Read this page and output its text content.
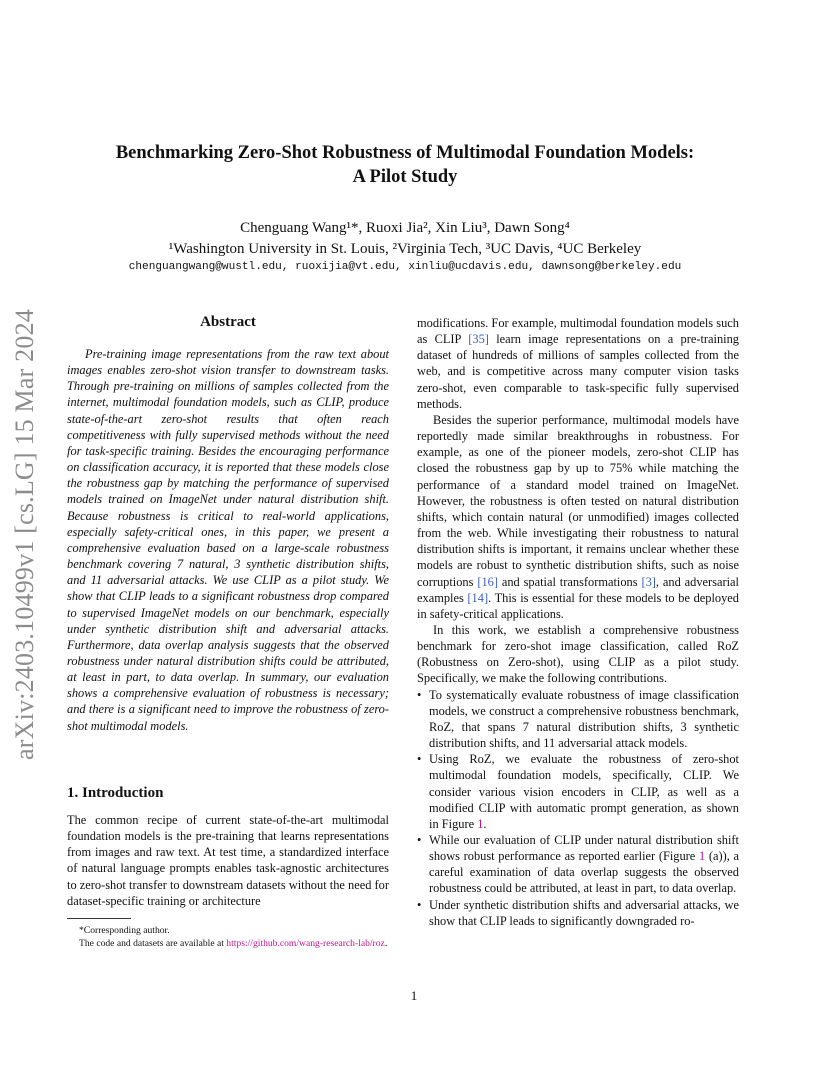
arXiv:2403.10499v1 [cs.LG] 15 Mar 2024
Benchmarking Zero-Shot Robustness of Multimodal Foundation Models:
A Pilot Study
Chenguang Wang¹*, Ruoxi Jia², Xin Liu³, Dawn Song⁴
¹Washington University in St. Louis, ²Virginia Tech, ³UC Davis, ⁴UC Berkeley
chenguangwang@wustl.edu, ruoxijia@vt.edu, xinliu@ucdavis.edu, dawnsong@berkeley.edu
Abstract

Pre-training image representations from the raw text about images enables zero-shot vision transfer to downstream tasks. Through pre-training on millions of samples collected from the internet, multimodal foundation models, such as CLIP, produce state-of-the-art zero-shot results that often reach competitiveness with fully supervised methods without the need for task-specific training. Besides the encouraging performance on classification accuracy, it is reported that these models close the robustness gap by matching the performance of supervised models trained on ImageNet under natural distribution shift. Because robustness is critical to real-world applications, especially safety-critical ones, in this paper, we present a comprehensive evaluation based on a large-scale robustness benchmark covering 7 natural, 3 synthetic distribution shifts, and 11 adversarial attacks. We use CLIP as a pilot study. We show that CLIP leads to a significant robustness drop compared to supervised ImageNet models on our benchmark, especially under synthetic distribution shift and adversarial attacks. Furthermore, data overlap analysis suggests that the observed robustness under natural distribution shifts could be attributed, at least in part, to data overlap. In summary, our evaluation shows a comprehensive evaluation of robustness is necessary; and there is a significant need to improve the robustness of zero-shot multimodal models.

1. Introduction

The common recipe of current state-of-the-art multimodal foundation models is the pre-training that learns representations from images and raw text. At test time, a standardized interface of natural language prompts enables task-agnostic architectures to zero-shot transfer to downstream datasets without the need for dataset-specific training or architecture

*Corresponding author.

The code and datasets are available at https://github.com/wang-research-lab/roz.

modifications. For example, multimodal foundation models such as CLIP [35] learn image representations on a pre-training dataset of hundreds of millions of samples collected from the web, and is competitive across many computer vision tasks zero-shot, even comparable to task-specific fully supervised methods.

Besides the superior performance, multimodal models have reportedly made similar breakthroughs in robustness. For example, as one of the pioneer models, zero-shot CLIP has closed the robustness gap by up to 75% while matching the performance of a standard model trained on ImageNet. However, the robustness is often tested on natural distribution shifts, which contain natural (or unmodified) images collected from the web. While investigating their robustness to natural distribution shifts is important, it remains unclear whether these models are robust to synthetic distribution shifts, such as noise corruptions [16] and spatial transformations [3], and adversarial examples [14]. This is essential for these models to be deployed in safety-critical applications.

In this work, we establish a comprehensive robustness benchmark for zero-shot image classification, called RoZ (Robustness on Zero-shot), using CLIP as a pilot study. Specifically, we make the following contributions.

• To systematically evaluate robustness of image classification models, we construct a comprehensive robustness benchmark, RoZ, that spans 7 natural distribution shifts, 3 synthetic distribution shifts, and 11 adversarial attack models.
• Using RoZ, we evaluate the robustness of zero-shot multimodal foundation models, specifically, CLIP. We consider various vision encoders in CLIP, as well as a modified CLIP with automatic prompt generation, as shown in Figure 1.
• While our evaluation of CLIP under natural distribution shift shows robust performance as reported earlier (Figure 1 (a)), a careful examination of data overlap suggests the observed robustness could be attributed, at least in part, to data overlap.
• Under synthetic distribution shifts and adversarial attacks, we show that CLIP leads to significantly downgraded ro-
1
